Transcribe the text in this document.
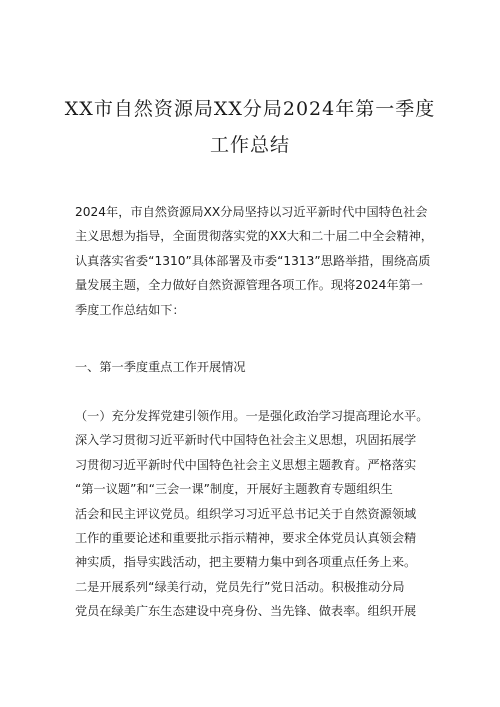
XX市自然资源局XX分局2024年第一季度
工作总结
2024年，市自然资源局XX分局坚持以习近平新时代中国特色社会
主义思想为指导，全面贯彻落实党的XX大和二十届二中全会精神，
认真落实省委“1310”具体部署及市委“1313”思路举措，围绕高质
量发展主题，全力做好自然资源管理各项工作。现将2024年第一
季度工作总结如下：
一、第一季度重点工作开展情况
（一）充分发挥党建引领作用。一是强化政治学习提高理论水平。
深入学习贯彻习近平新时代中国特色社会主义思想，巩固拓展学
习贯彻习近平新时代中国特色社会主义思想主题教育。严格落实
“第一议题”和“三会一课”制度，开展好主题教育专题组织生
活会和民主评议党员。组织学习习近平总书记关于自然资源领域
工作的重要论述和重要批示指示精神，要求全体党员认真领会精
神实质，指导实践活动，把主要精力集中到各项重点任务上来。
二是开展系列“绿美行动，党员先行”党日活动。积极推动分局
党员在绿美广东生态建设中亮身份、当先锋、做表率。组织开展
